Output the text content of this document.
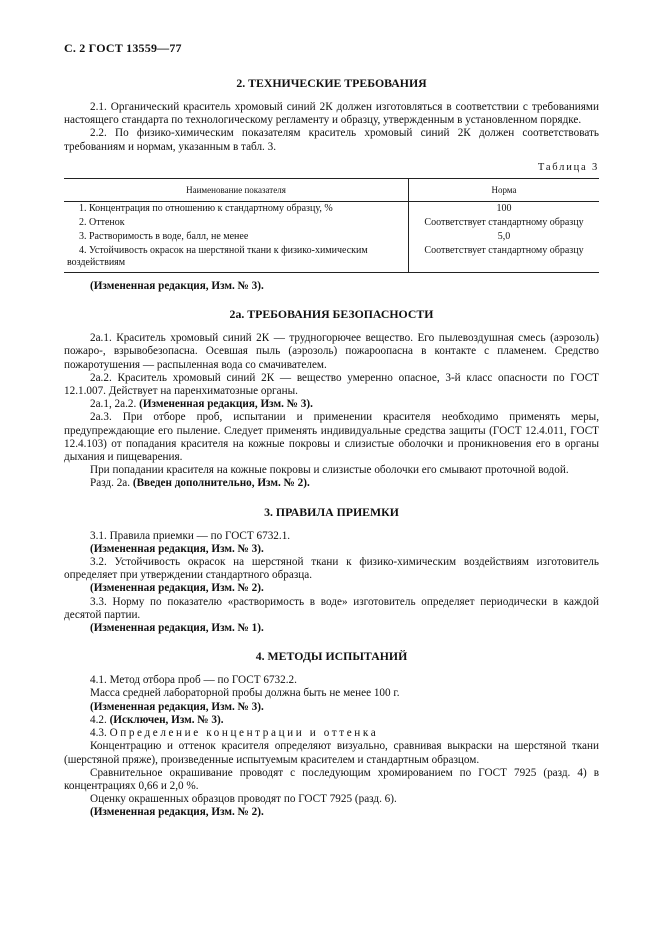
С. 2 ГОСТ 13559—77
2. ТЕХНИЧЕСКИЕ ТРЕБОВАНИЯ

2.1. Органический краситель хромовый синий 2К должен изготовляться в соответствии с требованиями настоящего стандарта по технологическому регламенту и образцу, утвержденным в установленном порядке.

2.2. По физико-химическим показателям краситель хромовый синий 2К должен соответствовать требованиям и нормам, указанным в табл. 3.

Таблица 3
Наименование показателя	Норма
1. Концентрация по отношению к стандартному образцу, %	100
2. Оттенок	Соответствует стандартному образцу
3. Растворимость в воде, балл, не менее	5,0
4. Устойчивость окрасок на шерстяной ткани к физико-химическим воздействиям	Соответствует стандартному образцу

(Измененная редакция, Изм. № 3).

2а. ТРЕБОВАНИЯ БЕЗОПАСНОСТИ

2а.1. Краситель хромовый синий 2К — трудногорючее вещество. Его пылевоздушная смесь (аэрозоль) пожаро-, взрывобезопасна. Осевшая пыль (аэрозоль) пожароопасна в контакте с пламенем. Средство пожаротушения — распыленная вода со смачивателем.

2а.2. Краситель хромовый синий 2К — вещество умеренно опасное, 3-й класс опасности по ГОСТ 12.1.007. Действует на паренхиматозные органы.

2а.1, 2а.2. (Измененная редакция, Изм. № 3).

2а.3. При отборе проб, испытании и применении красителя необходимо применять меры, предупреждающие его пыление. Следует применять индивидуальные средства защиты (ГОСТ 12.4.011, ГОСТ 12.4.103) от попадания красителя на кожные покровы и слизистые оболочки и проникновения его в органы дыхания и пищеварения.

При попадании красителя на кожные покровы и слизистые оболочки его смывают проточной водой.

Разд. 2а. (Введен дополнительно, Изм. № 2).

3. ПРАВИЛА ПРИЕМКИ

3.1. Правила приемки — по ГОСТ 6732.1.

(Измененная редакция, Изм. № 3).

3.2. Устойчивость окрасок на шерстяной ткани к физико-химическим воздействиям изготовитель определяет при утверждении стандартного образца.

(Измененная редакция, Изм. № 2).

3.3. Норму по показателю «растворимость в воде» изготовитель определяет периодически в каждой десятой партии.

(Измененная редакция, Изм. № 1).

4. МЕТОДЫ ИСПЫТАНИЙ

4.1. Метод отбора проб — по ГОСТ 6732.2.

Масса средней лабораторной пробы должна быть не менее 100 г.

(Измененная редакция, Изм. № 3).

4.2. (Исключен, Изм. № 3).

4.3. Определение концентрации и оттенка

Концентрацию и оттенок красителя определяют визуально, сравнивая выкраски на шерстяной ткани (шерстяной пряже), произведенные испытуемым красителем и стандартным образцом.

Сравнительное окрашивание проводят с последующим хромированием по ГОСТ 7925 (разд. 4) в концентрациях 0,66 и 2,0 %.

Оценку окрашенных образцов проводят по ГОСТ 7925 (разд. 6).

(Измененная редакция, Изм. № 2).
